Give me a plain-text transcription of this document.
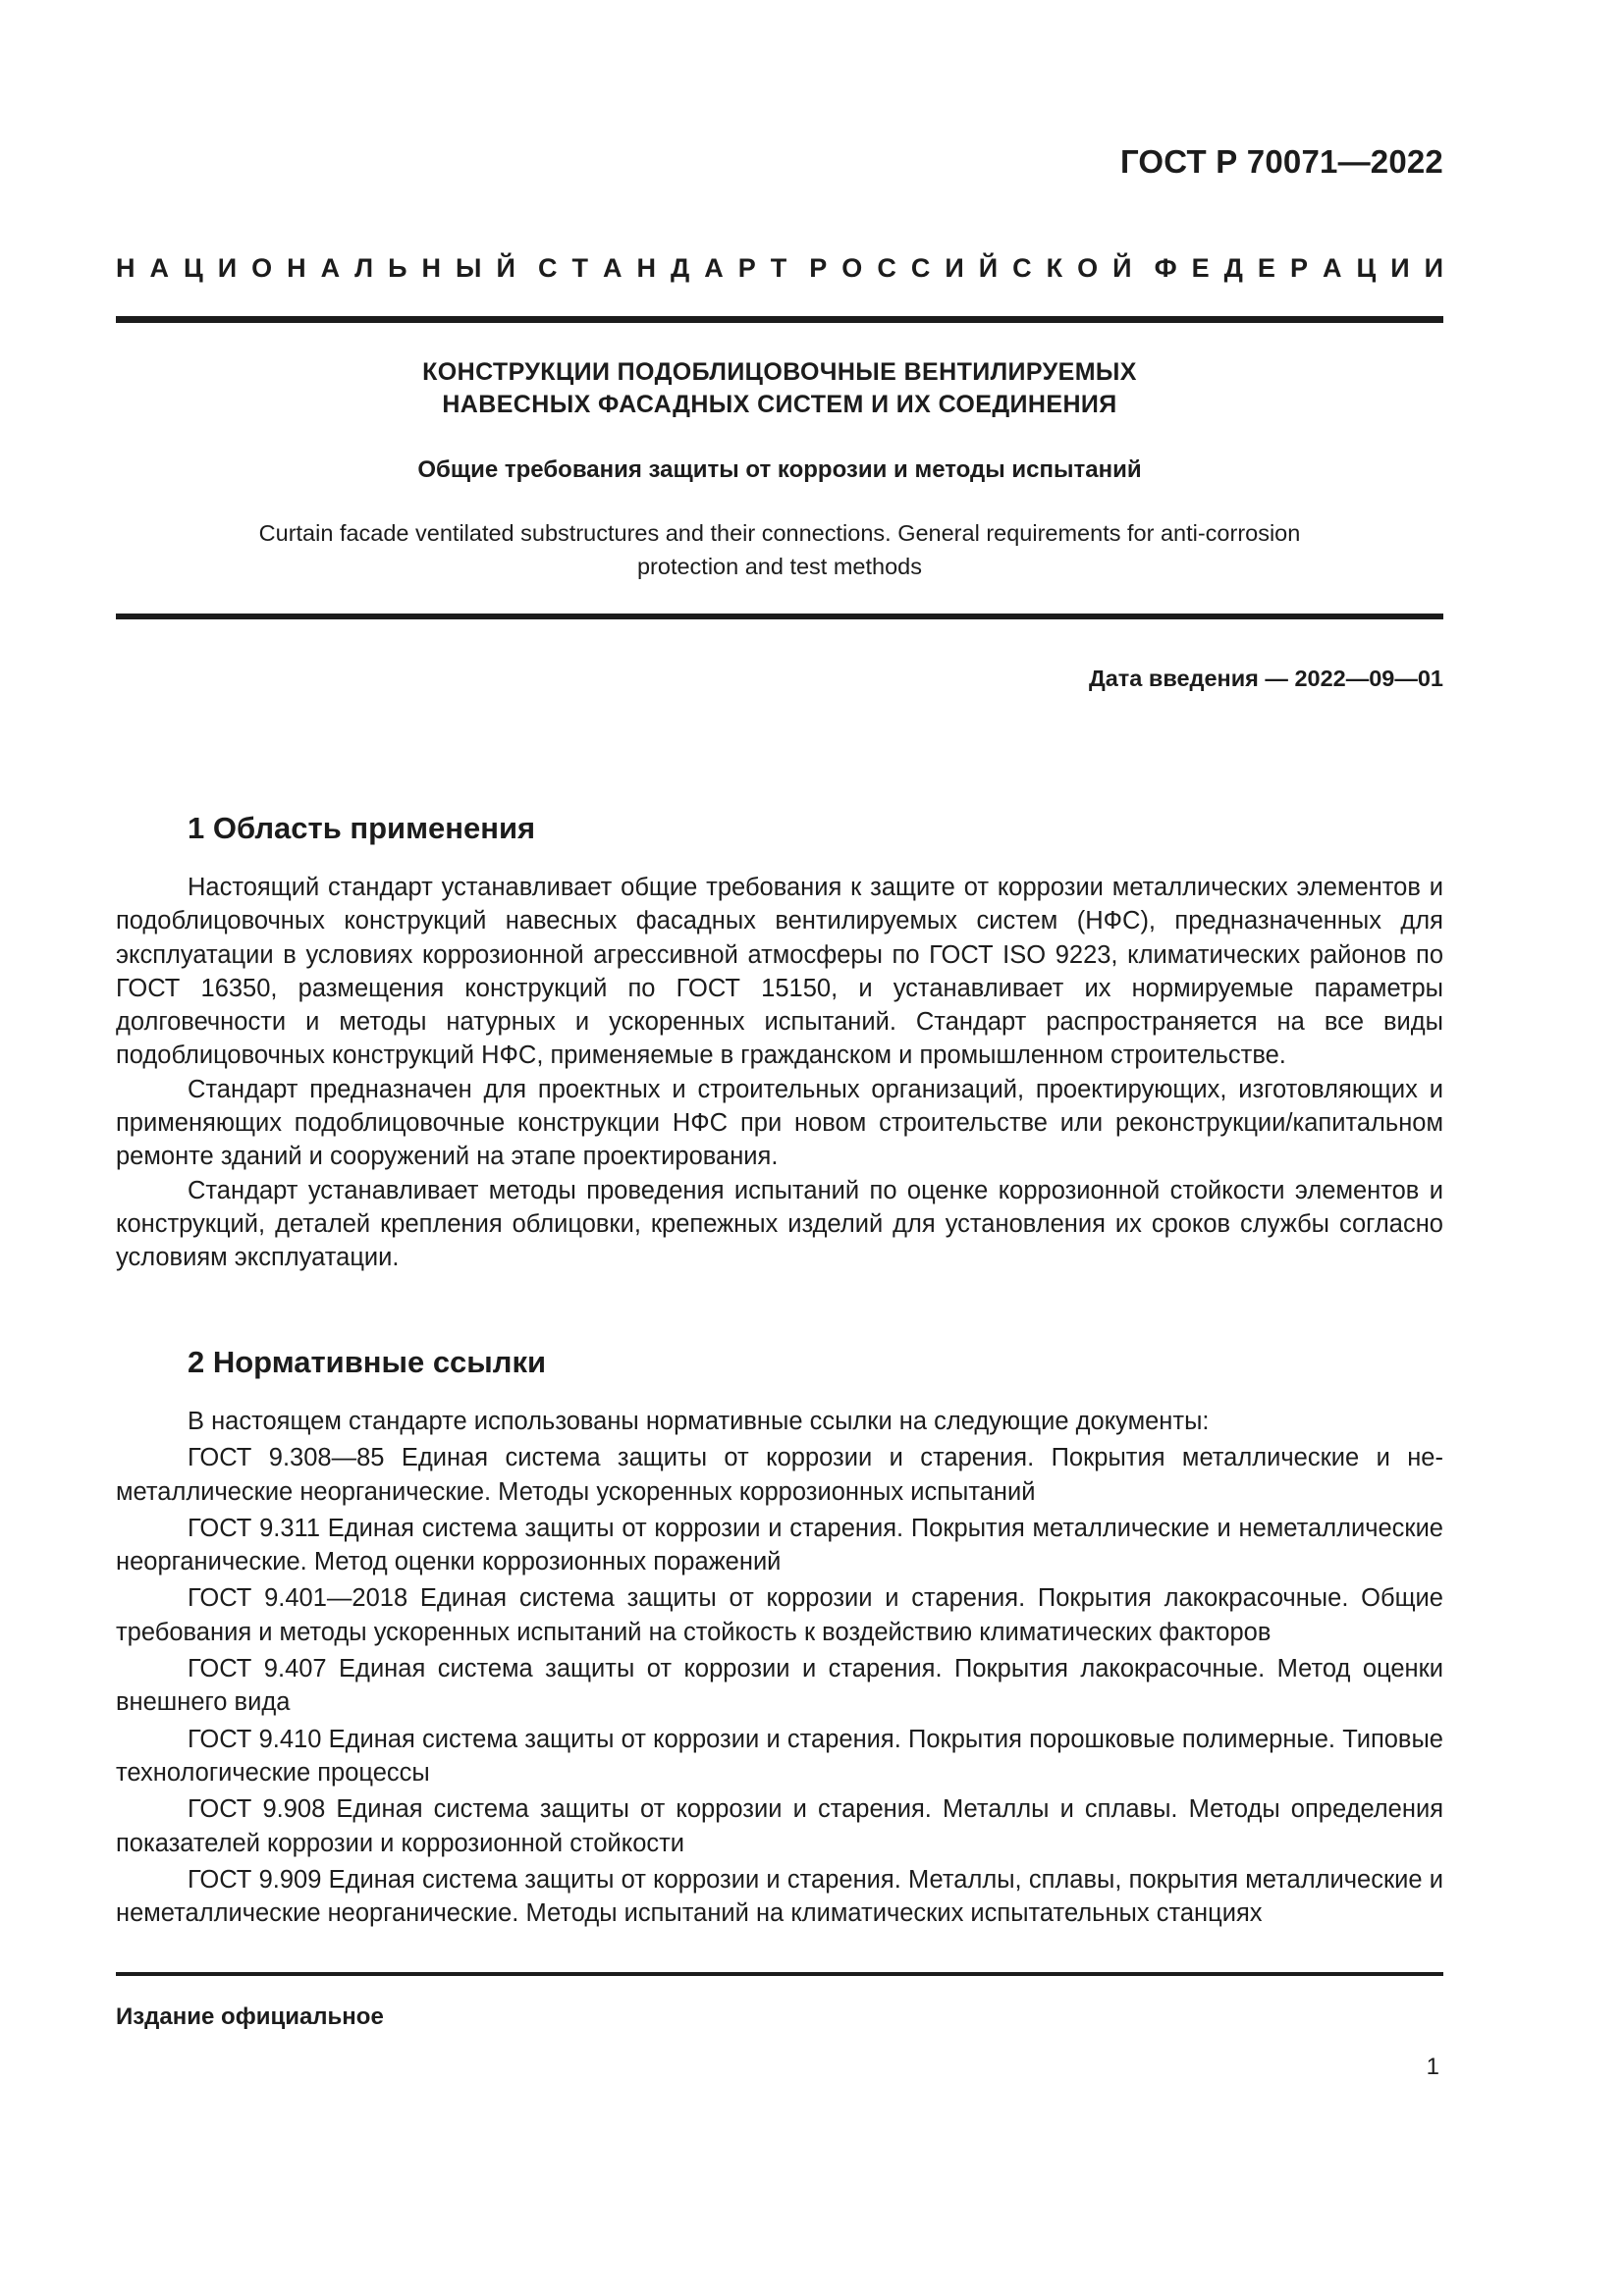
ГОСТ Р 70071—2022
Н А Ц И О Н А Л Ь Н Ы Й С Т А Н Д А Р Т Р О С С И Й С К О Й Ф Е Д Е Р А Ц И И
КОНСТРУКЦИИ ПОДОБЛИЦОВОЧНЫЕ ВЕНТИЛИРУЕМЫХ
НАВЕСНЫХ ФАСАДНЫХ СИСТЕМ И ИХ СОЕДИНЕНИЯ
Общие требования защиты от коррозии и методы испытаний
Curtain facade ventilated substructures and their connections. General requirements for anti-corrosion
protection and test methods
Дата введения — 2022—09—01
1 Область применения

Настоящий стандарт устанавливает общие требования к защите от коррозии металлических элементов и подоблицовочных конструкций навесных фасадных вентилируемых систем (НФС), предназначенных для эксплуатации в условиях коррозионной агрессивной атмосферы по ГОСТ ISO 9223, климатических районов по ГОСТ 16350, размещения конструкций по ГОСТ 15150, и устанавливает их нормируемые параметры долговечности и методы натурных и ускоренных испытаний. Стандарт распространяется на все виды подоблицовочных конструкций НФС, применяемые в гражданском и промышленном строительстве.

Стандарт предназначен для проектных и строительных организаций, проектирующих, изготовляющих и применяющих подоблицовочные конструкции НФС при новом строительстве или реконструкции/капитальном ремонте зданий и сооружений на этапе проектирования.

Стандарт устанавливает методы проведения испытаний по оценке коррозионной стойкости элементов и конструкций, деталей крепления облицовки, крепежных изделий для установления их сроков службы согласно условиям эксплуатации.

2 Нормативные ссылки

В настоящем стандарте использованы нормативные ссылки на следующие документы:

ГОСТ 9.308—85 Единая система защиты от коррозии и старения. Покрытия металлические и неметаллические неорганические. Методы ускоренных коррозионных испытаний

ГОСТ 9.311 Единая система защиты от коррозии и старения. Покрытия металлические и неметаллические неорганические. Метод оценки коррозионных поражений

ГОСТ 9.401—2018 Единая система защиты от коррозии и старения. Покрытия лакокрасочные. Общие требования и методы ускоренных испытаний на стойкость к воздействию климатических факторов

ГОСТ 9.407 Единая система защиты от коррозии и старения. Покрытия лакокрасочные. Метод оценки внешнего вида

ГОСТ 9.410 Единая система защиты от коррозии и старения. Покрытия порошковые полимерные. Типовые технологические процессы

ГОСТ 9.908 Единая система защиты от коррозии и старения. Металлы и сплавы. Методы определения показателей коррозии и коррозионной стойкости

ГОСТ 9.909 Единая система защиты от коррозии и старения. Металлы, сплавы, покрытия металлические и неметаллические неорганические. Методы испытаний на климатических испытательных станциях

Издание официальное
1
